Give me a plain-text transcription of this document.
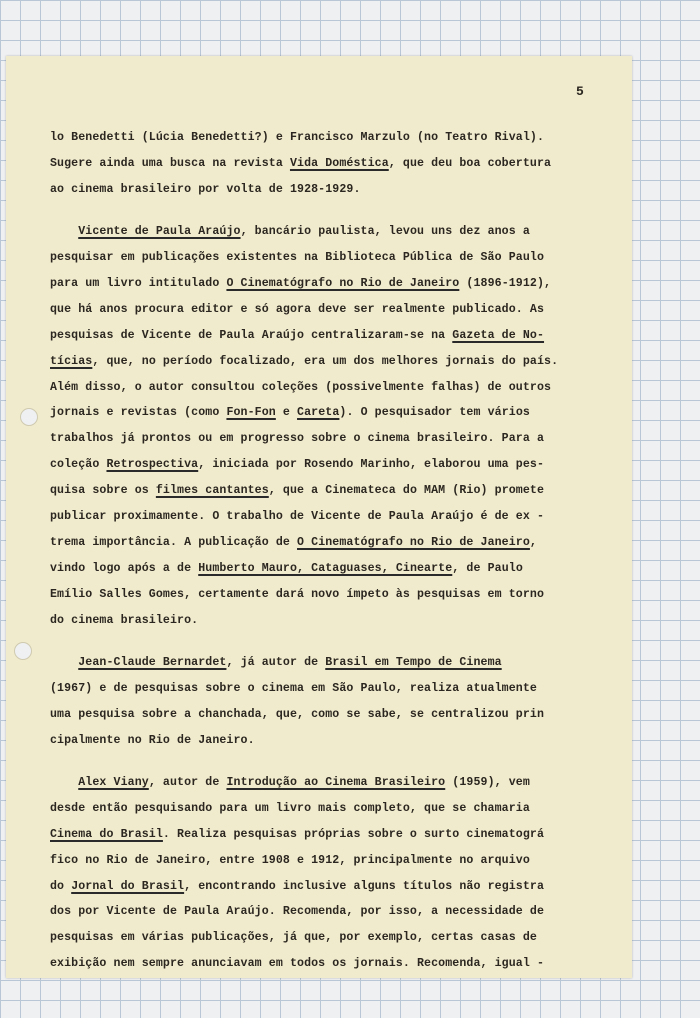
5
lo Benedetti (Lúcia Benedetti?) e Francisco Marzulo (no Teatro Rival).
Sugere ainda uma busca na revista Vida Doméstica, que deu boa cobertura
ao cinema brasileiro por volta de 1928-1929.
Vicente de Paula Araújo, bancário paulista, levou uns dez anos a
pesquisar em publicações existentes na Biblioteca Pública de São Paulo
para um livro intitulado O Cinematógrafo no Rio de Janeiro (1896-1912),
que há anos procura editor e só agora deve ser realmente publicado. As
pesquisas de Vicente de Paula Araújo centralizaram-se na Gazeta de No-
tícias, que, no período focalizado, era um dos melhores jornais do país.
Além disso, o autor consultou coleções (possivelmente falhas) de outros
jornais e revistas (como Fon-Fon e Careta). O pesquisador tem vários
trabalhos já prontos ou em progresso sobre o cinema brasileiro. Para a
coleção Retrospectiva, iniciada por Rosendo Marinho, elaborou uma pes-
quisa sobre os filmes cantantes, que a Cinemateca do MAM (Rio) promete
publicar proximamente. O trabalho de Vicente de Paula Araújo é de ex -
trema importância. A publicação de O Cinematógrafo no Rio de Janeiro,
vindo logo após a de Humberto Mauro, Cataguases, Cinearte, de Paulo
Emílio Salles Gomes, certamente dará novo ímpeto às pesquisas em torno
do cinema brasileiro.
Jean-Claude Bernardet, já autor de Brasil em Tempo de Cinema
(1967) e de pesquisas sobre o cinema em São Paulo, realiza atualmente
uma pesquisa sobre a chanchada, que, como se sabe, se centralizou prin
cipalmente no Rio de Janeiro.
Alex Viany, autor de Introdução ao Cinema Brasileiro (1959), vem
desde então pesquisando para um livro mais completo, que se chamaria
Cinema do Brasil. Realiza pesquisas próprias sobre o surto cinematográ
fico no Rio de Janeiro, entre 1908 e 1912, principalmente no arquivo
do Jornal do Brasil, encontrando inclusive alguns títulos não registra
dos por Vicente de Paula Araújo. Recomenda, por isso, a necessidade de
pesquisas em várias publicações, já que, por exemplo, certas casas de
exibição nem sempre anunciavam em todos os jornais. Recomenda, igual -
